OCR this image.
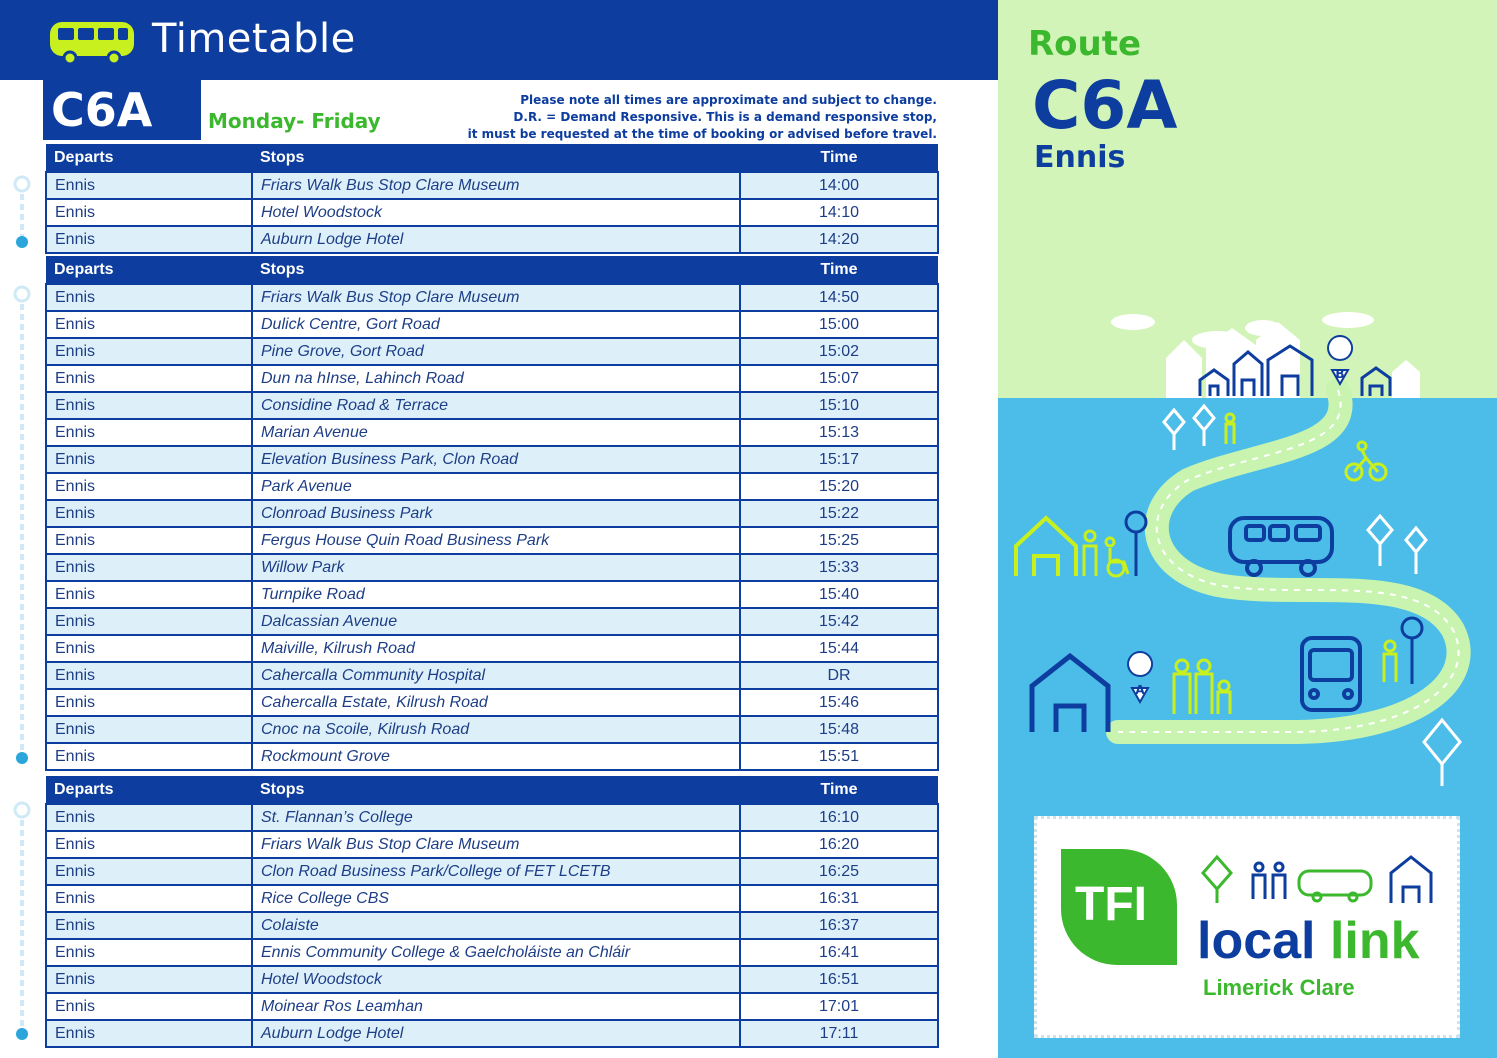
Timetable
C6A	Monday- Friday
Please note all times are approximate and subject to change.
D.R. = Demand Responsive. This is a demand responsive stop,
it must be requested at the time of booking or advised before travel.
Departs	Stops	Time
Ennis	Friars Walk Bus Stop Clare Museum	14:00
Ennis	Hotel Woodstock	14:10
Ennis	Auburn Lodge Hotel	14:20
Departs	Stops	Time
Ennis	Friars Walk Bus Stop Clare Museum	14:50
Ennis	Dulick Centre, Gort Road	15:00
Ennis	Pine Grove, Gort Road	15:02
Ennis	Dun na hInse, Lahinch Road	15:07
Ennis	Considine Road & Terrace	15:10
Ennis	Marian Avenue	15:13
Ennis	Elevation Business Park, Clon Road	15:17
Ennis	Park Avenue	15:20
Ennis	Clonroad Business Park	15:22
Ennis	Fergus House Quin Road Business Park	15:25
Ennis	Willow Park	15:33
Ennis	Turnpike Road	15:40
Ennis	Dalcassian Avenue	15:42
Ennis	Maiville, Kilrush Road	15:44
Ennis	Cahercalla Community Hospital	DR
Ennis	Cahercalla Estate, Kilrush Road	15:46
Ennis	Cnoc na Scoile, Kilrush Road	15:48
Ennis	Rockmount Grove	15:51
Departs	Stops	Time
Ennis	St. Flannan’s College	16:10
Ennis	Friars Walk Bus Stop Clare Museum	16:20
Ennis	Clon Road Business Park/College of FET LCETB	16:25
Ennis	Rice College CBS	16:31
Ennis	Colaiste	16:37
Ennis	Ennis Community College & Gaelcholáiste an Chláir	16:41
Ennis	Hotel Woodstock	16:51
Ennis	Moinear Ros Leamhan	17:01
Ennis	Auburn Lodge Hotel	17:11
Route
C6A
Ennis
B
A
TFI
local link
Limerick Clare
